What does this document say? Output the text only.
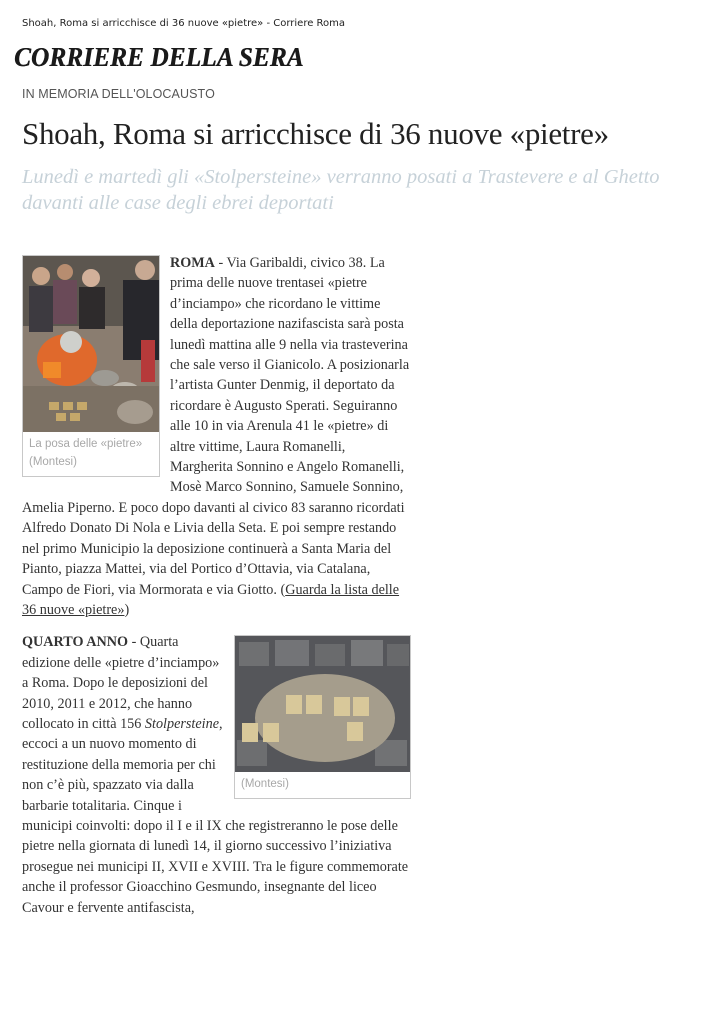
Shoah, Roma si arricchisce di 36 nuove «pietre» - Corriere Roma
CORRIERE DELLA SERA
IN MEMORIA DELL'OLOCAUSTO
Shoah, Roma si arricchisce di 36 nuove «pietre»
Lunedì e martedì gli «Stolpersteine» verranno posati a Trastevere e al Ghetto davanti alle case degli ebrei deportati

La posa delle «pietre» (Montesi)
ROMA - Via Garibaldi, civico 38. La prima delle nuove trentasei «pietre d’inciampo» che ricordano le vittime della deportazione nazifascista sarà posta lunedì mattina alle 9 nella via trasteverina che sale verso il Gianicolo. A posizionarla l’artista Gunter Denmig, il deportato da ricordare è Augusto Sperati. Seguiranno alle 10 in via Arenula 41 le «pietre» di altre vittime, Laura Romanelli, Margherita Sonnino e Angelo Romanelli, Mosè Marco Sonnino, Samuele Sonnino, Amelia Piperno. E poco dopo davanti al civico 83 saranno ricordati Alfredo Donato Di Nola e Livia della Seta. E poi sempre restando nel primo Municipio la deposizione continuerà a Santa Maria del Pianto, piazza Mattei, via del Portico d’Ottavia, via Catalana, Campo de Fiori, via Mormorata e via Giotto. (Guarda la lista delle 36 nuove «pietre»)

(Montesi)
QUARTO ANNO - Quarta edizione delle «pietre d’inciampo» a Roma. Dopo le deposizioni del 2010, 2011 e 2012, che hanno collocato in città 156 Stolpersteine, eccoci a un nuovo momento di restituzione della memoria per chi non c’è più, spazzato via dalla barbarie totalitaria. Cinque i municipi coinvolti: dopo il I e il IX che registreranno le pose delle pietre nella giornata di lunedì 14, il giorno successivo l’iniziativa prosegue nei municipi II, XVII e XVIII. Tra le figure commemorate anche il professor Gioacchino Gesmundo, insegnante del liceo Cavour e fervente antifascista,
